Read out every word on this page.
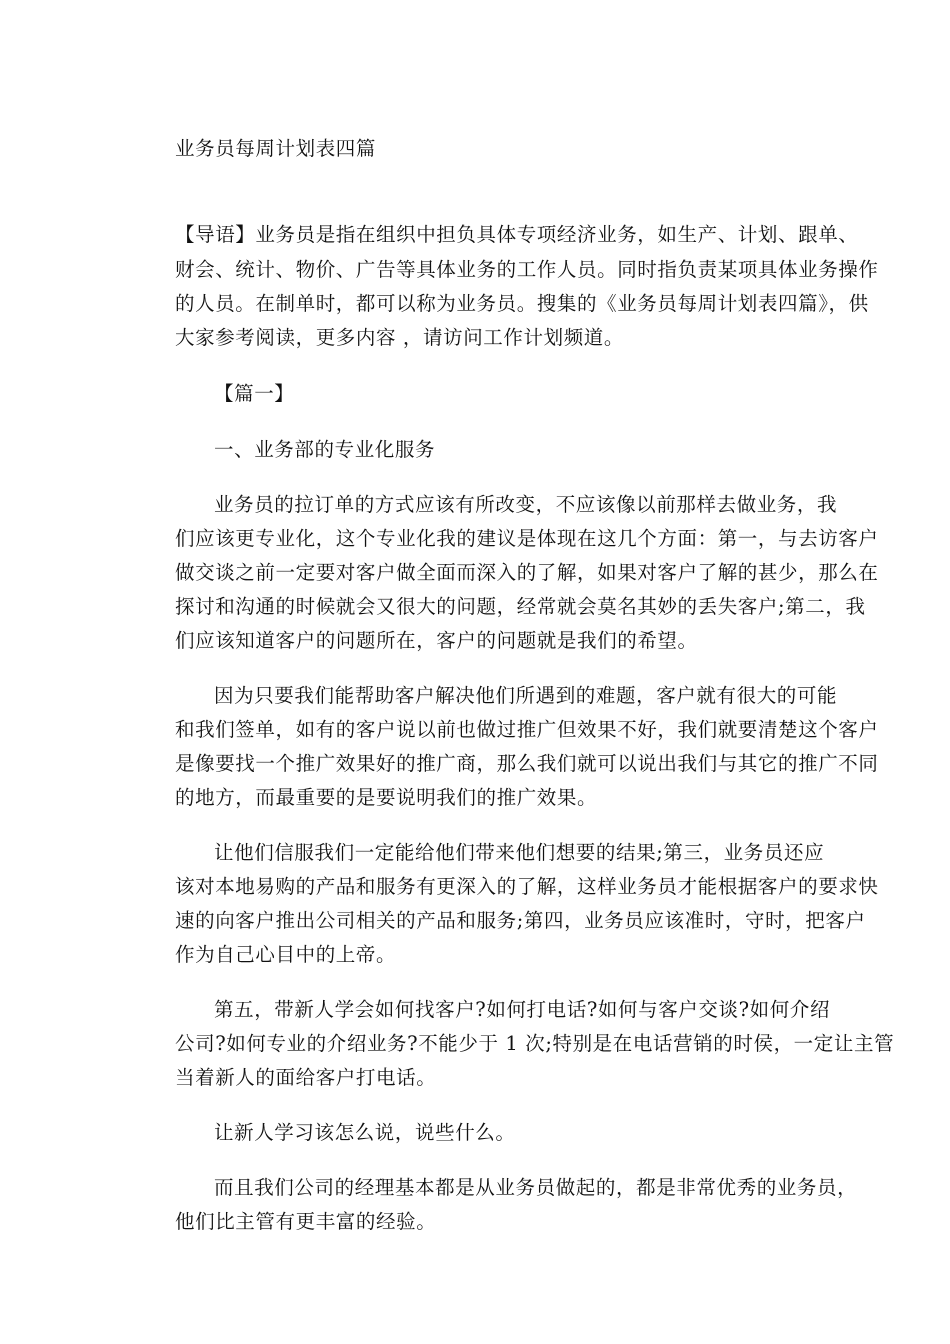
业务员每周计划表四篇
【导语】业务员是指在组织中担负具体专项经济业务，如生产、计划、跟单、
财会、统计、物价、广告等具体业务的工作人员。同时指负责某项具体业务操作
的人员。在制单时，都可以称为业务员。搜集的《业务员每周计划表四篇》，供
大家参考阅读，更多内容 ，请访问工作计划频道。
【篇一】
一、业务部的专业化服务
业务员的拉订单的方式应该有所改变，不应该像以前那样去做业务，我
们应该更专业化，这个专业化我的建议是体现在这几个方面：第一，与去访客户
做交谈之前一定要对客户做全面而深入的了解，如果对客户了解的甚少，那么在
探讨和沟通的时候就会又很大的问题，经常就会莫名其妙的丢失客户;第二，我
们应该知道客户的问题所在，客户的问题就是我们的希望。
因为只要我们能帮助客户解决他们所遇到的难题，客户就有很大的可能
和我们签单，如有的客户说以前也做过推广但效果不好，我们就要清楚这个客户
是像要找一个推广效果好的推广商，那么我们就可以说出我们与其它的推广不同
的地方，而最重要的是要说明我们的推广效果。
让他们信服我们一定能给他们带来他们想要的结果;第三，业务员还应
该对本地易购的产品和服务有更深入的了解，这样业务员才能根据客户的要求快
速的向客户推出公司相关的产品和服务;第四，业务员应该准时，守时，把客户
作为自己心目中的上帝。
第五，带新人学会如何找客户?如何打电话?如何与客户交谈?如何介绍
公司?如何专业的介绍业务?不能少于 1 次;特别是在电话营销的时侯，一定让主管
当着新人的面给客户打电话。
让新人学习该怎么说，说些什么。
而且我们公司的经理基本都是从业务员做起的，都是非常优秀的业务员，
他们比主管有更丰富的经验。
